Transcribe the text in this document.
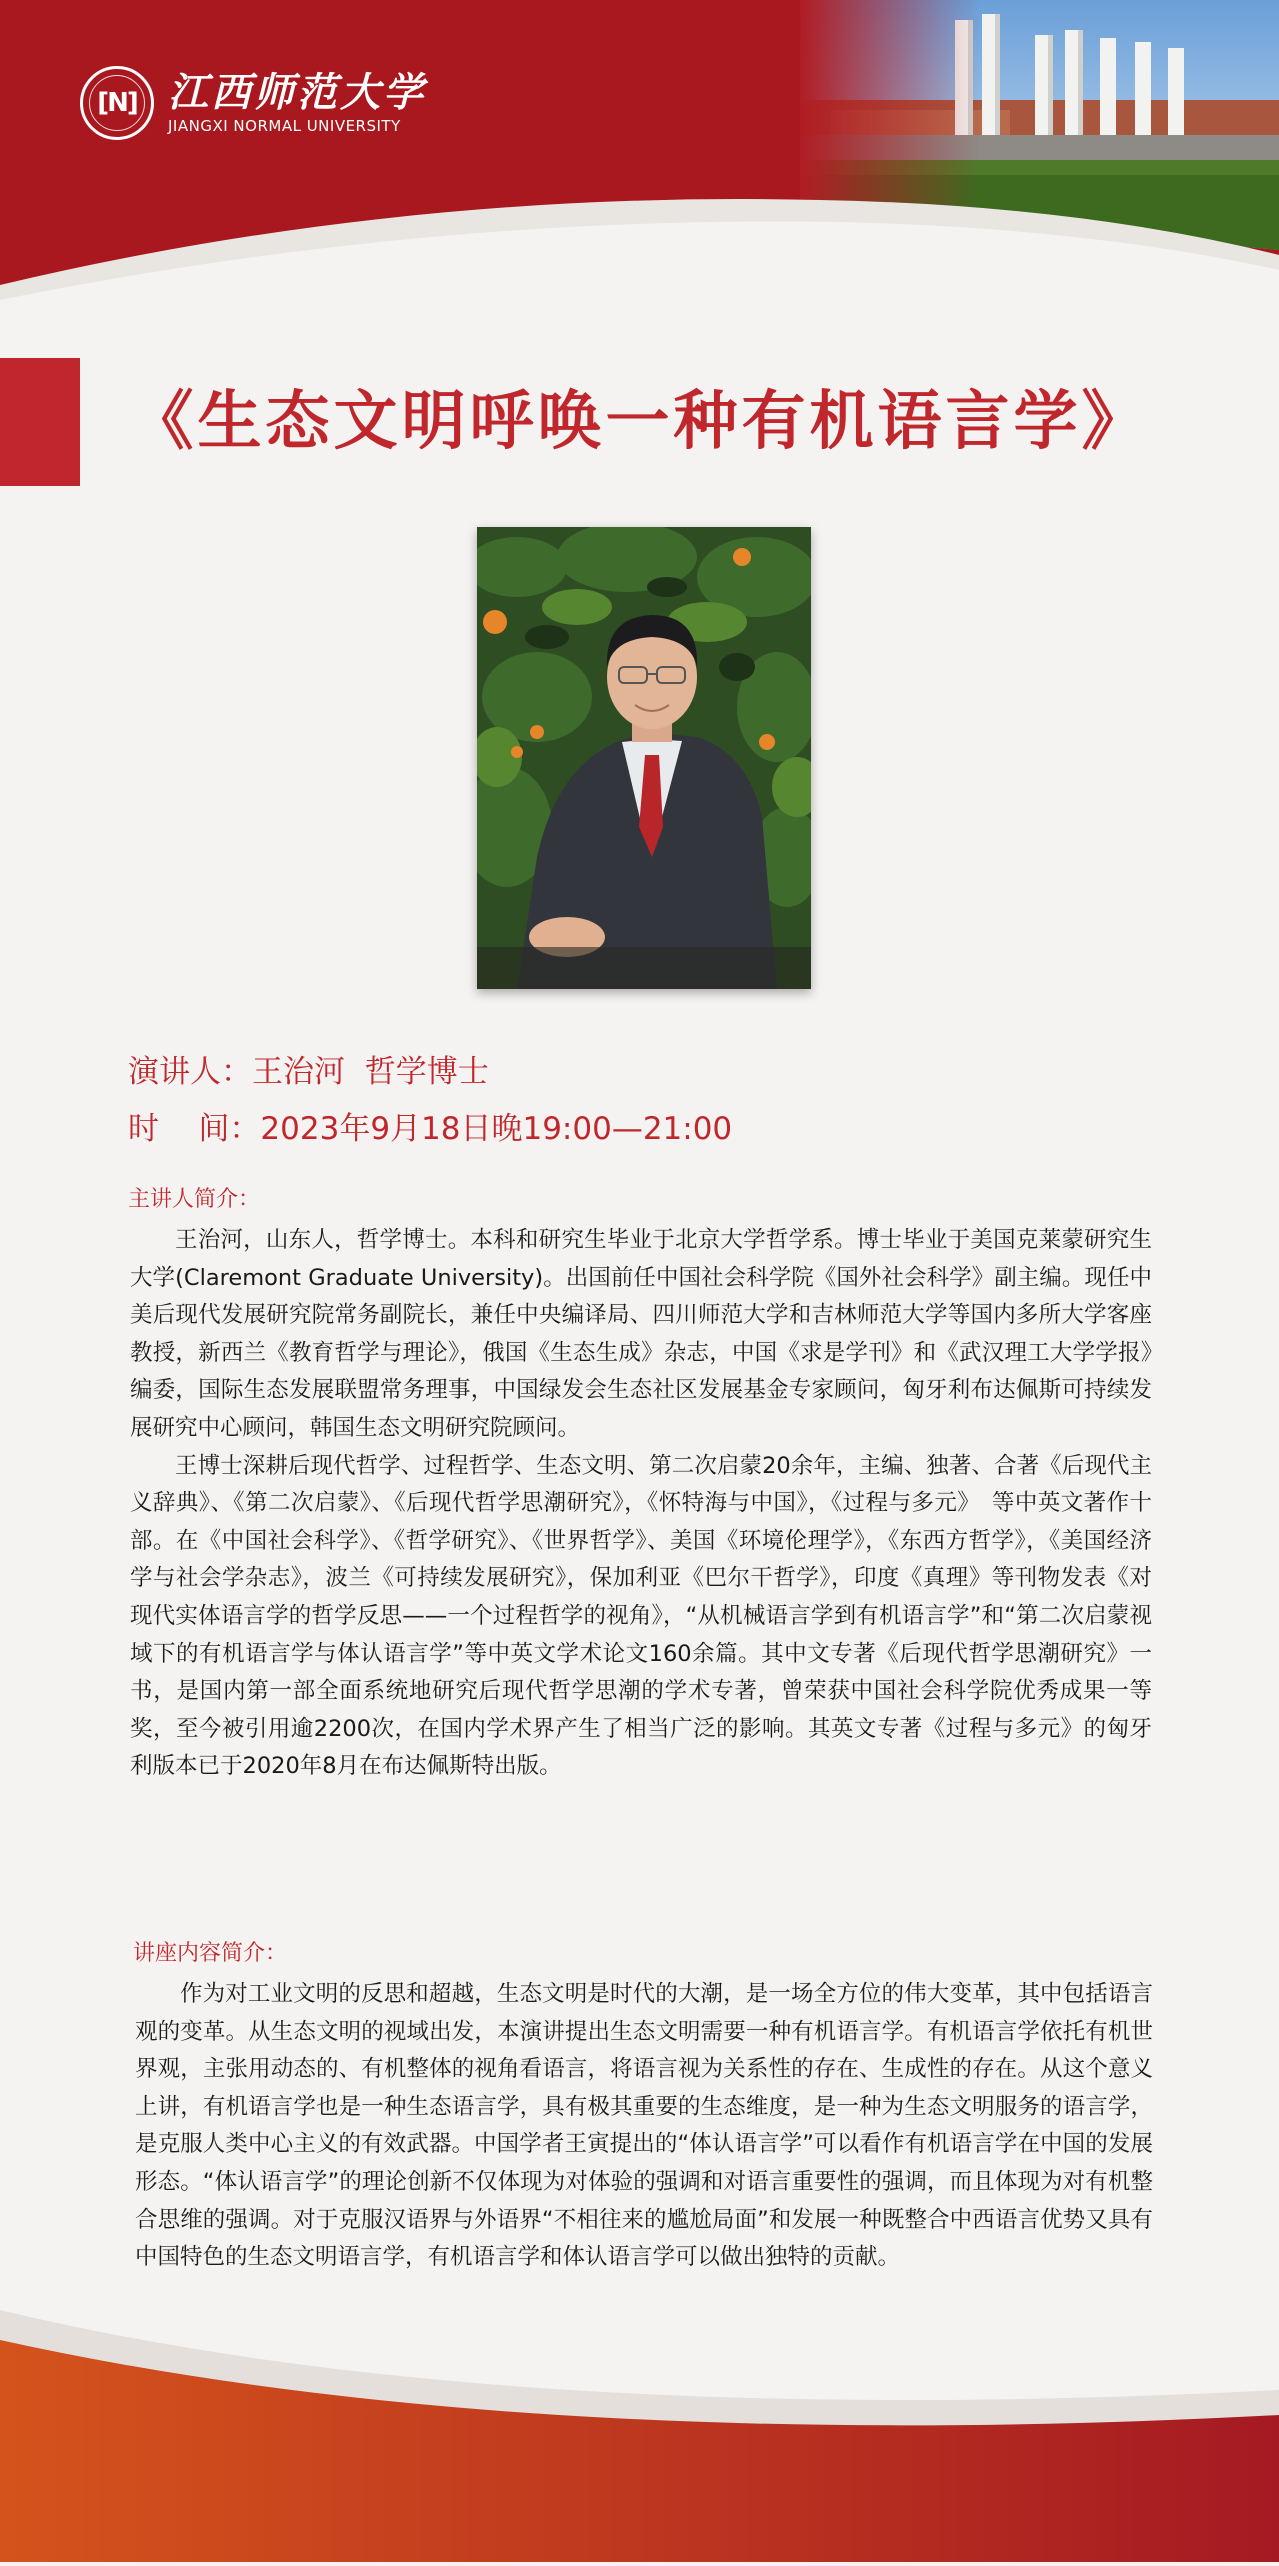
[N] 江西师范大学
JIANGXI NORMAL UNIVERSITY
《生态文明呼唤一种有机语言学》
演讲人：王治河  哲学博士
时    间：2023年9月18日晚19:00—21:00
主讲人简介：

王治河，山东人，哲学博士。本科和研究生毕业于北京大学哲学系。博士毕业于美国克莱蒙研究生大学(Claremont Graduate University)。出国前任中国社会科学院《国外社会科学》副主编。现任中美后现代发展研究院常务副院长，兼任中央编译局、四川师范大学和吉林师范大学等国内多所大学客座教授，新西兰《教育哲学与理论》，俄国《生态生成》杂志，中国《求是学刊》和《武汉理工大学学报》编委，国际生态发展联盟常务理事，中国绿发会生态社区发展基金专家顾问，匈牙利布达佩斯可持续发展研究中心顾问，韩国生态文明研究院顾问。

王博士深耕后现代哲学、过程哲学、生态文明、第二次启蒙20余年，主编、独著、合著《后现代主义辞典》、《第二次启蒙》、《后现代哲学思潮研究》，《怀特海与中国》，《过程与多元》　等中英文著作十部。在《中国社会科学》、《哲学研究》、《世界哲学》、美国《环境伦理学》，《东西方哲学》，《美国经济学与社会学杂志》，波兰《可持续发展研究》，保加利亚《巴尔干哲学》，印度《真理》等刊物发表《对现代实体语言学的哲学反思——一个过程哲学的视角》，“从机械语言学到有机语言学”和“第二次启蒙视域下的有机语言学与体认语言学”等中英文学术论文160余篇。其中文专著《后现代哲学思潮研究》一书，是国内第一部全面系统地研究后现代哲学思潮的学术专著，曾荣获中国社会科学院优秀成果一等奖，至今被引用逾2200次，在国内学术界产生了相当广泛的影响。其英文专著《过程与多元》的匈牙利版本已于2020年8月在布达佩斯特出版。

讲座内容简介：

作为对工业文明的反思和超越，生态文明是时代的大潮，是一场全方位的伟大变革，其中包括语言观的变革。从生态文明的视域出发，本演讲提出生态文明需要一种有机语言学。有机语言学依托有机世界观，主张用动态的、有机整体的视角看语言，将语言视为关系性的存在、生成性的存在。从这个意义上讲，有机语言学也是一种生态语言学，具有极其重要的生态维度，是一种为生态文明服务的语言学，是克服人类中心主义的有效武器。中国学者王寅提出的“体认语言学”可以看作有机语言学在中国的发展形态。“体认语言学”的理论创新不仅体现为对体验的强调和对语言重要性的强调，而且体现为对有机整合思维的强调。对于克服汉语界与外语界“不相往来的尴尬局面”和发展一种既整合中西语言优势又具有中国特色的生态文明语言学，有机语言学和体认语言学可以做出独特的贡献。
